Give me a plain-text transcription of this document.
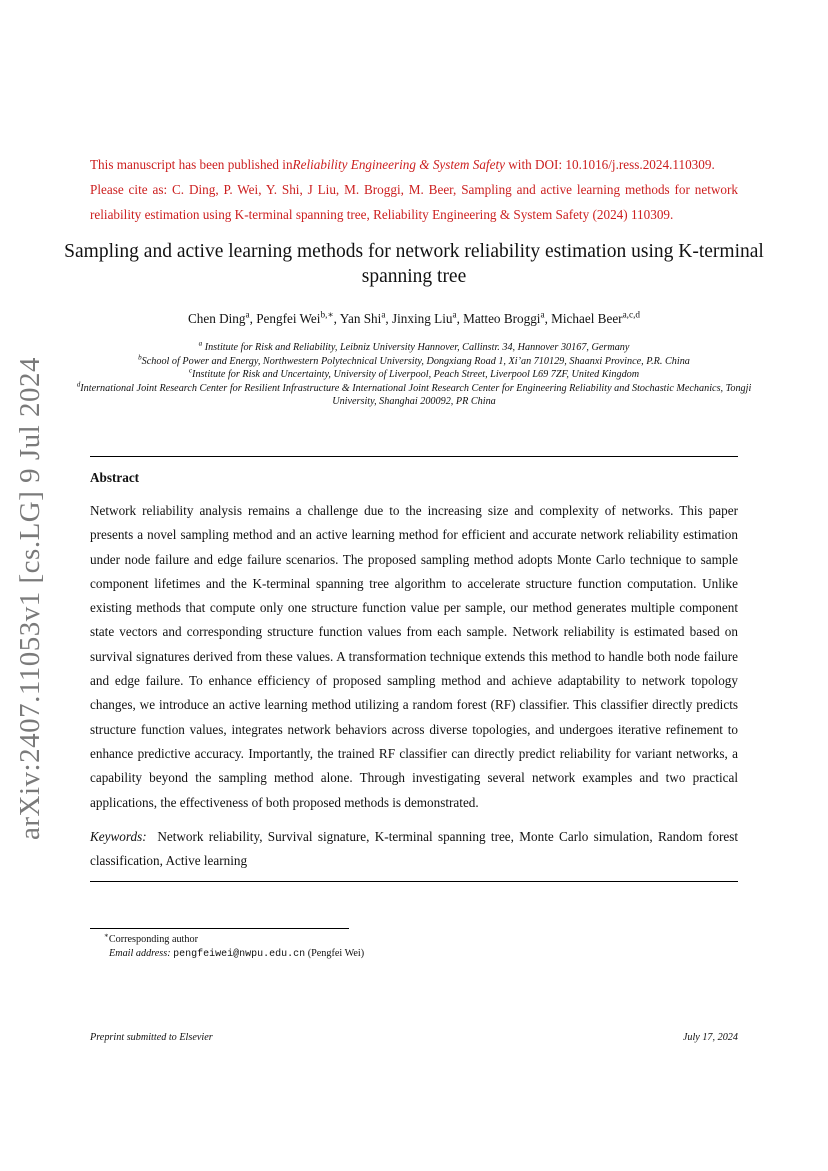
arXiv:2407.11053v1 [cs.LG] 9 Jul 2024
This manuscript has been published inReliability Engineering & System Safety with DOI: 10.1016/j.ress.2024.110309.
Please cite as: C. Ding, P. Wei, Y. Shi, J Liu, M. Broggi, M. Beer, Sampling and active learning methods for network reliability estimation using K-terminal spanning tree, Reliability Engineering & System Safety (2024) 110309.
Sampling and active learning methods for network reliability estimation using K-terminal spanning tree
Chen Ding$^a$, Pengfei Wei$^{b,∗}$, Yan Shi$^a$, Jinxing Liu$^a$, Matteo Broggi$^a$, Michael Beer$^{a,c,d}$
$^a$ Institute for Risk and Reliability, Leibniz University Hannover, Callinstr. 34, Hannover 30167, Germany
$^b$School of Power and Energy, Northwestern Polytechnical University, Dongxiang Road 1, Xi’an 710129, Shaanxi Province, P.R. China
$^c$Institute for Risk and Uncertainty, University of Liverpool, Peach Street, Liverpool L69 7ZF, United Kingdom
$^d$International Joint Research Center for Resilient Infrastructure & International Joint Research Center for Engineering Reliability and Stochastic Mechanics, Tongji University, Shanghai 200092, PR China
Abstract
Network reliability analysis remains a challenge due to the increasing size and complexity of networks. This paper presents a novel sampling method and an active learning method for efficient and accurate network reliability estimation under node failure and edge failure scenarios. The proposed sampling method adopts Monte Carlo technique to sample component lifetimes and the K-terminal spanning tree algorithm to accelerate structure function computation. Unlike existing methods that compute only one structure function value per sample, our method generates multiple component state vectors and corresponding structure function values from each sample. Network reliability is estimated based on survival signatures derived from these values. A transformation technique extends this method to handle both node failure and edge failure. To enhance efficiency of proposed sampling method and achieve adaptability to network topology changes, we introduce an active learning method utilizing a random forest (RF) classifier. This classifier directly predicts structure function values, integrates network behaviors across diverse topologies, and undergoes iterative refinement to enhance predictive accuracy. Importantly, the trained RF classifier can directly predict reliability for variant networks, a capability beyond the sampling method alone. Through investigating several network examples and two practical applications, the effectiveness of both proposed methods is demonstrated.
Keywords: Network reliability, Survival signature, K-terminal spanning tree, Monte Carlo simulation, Random forest classification, Active learning
∗Corresponding author
Email address: pengfeiwei@nwpu.edu.cn (Pengfei Wei)
Preprint submitted to Elsevier	July 17, 2024
